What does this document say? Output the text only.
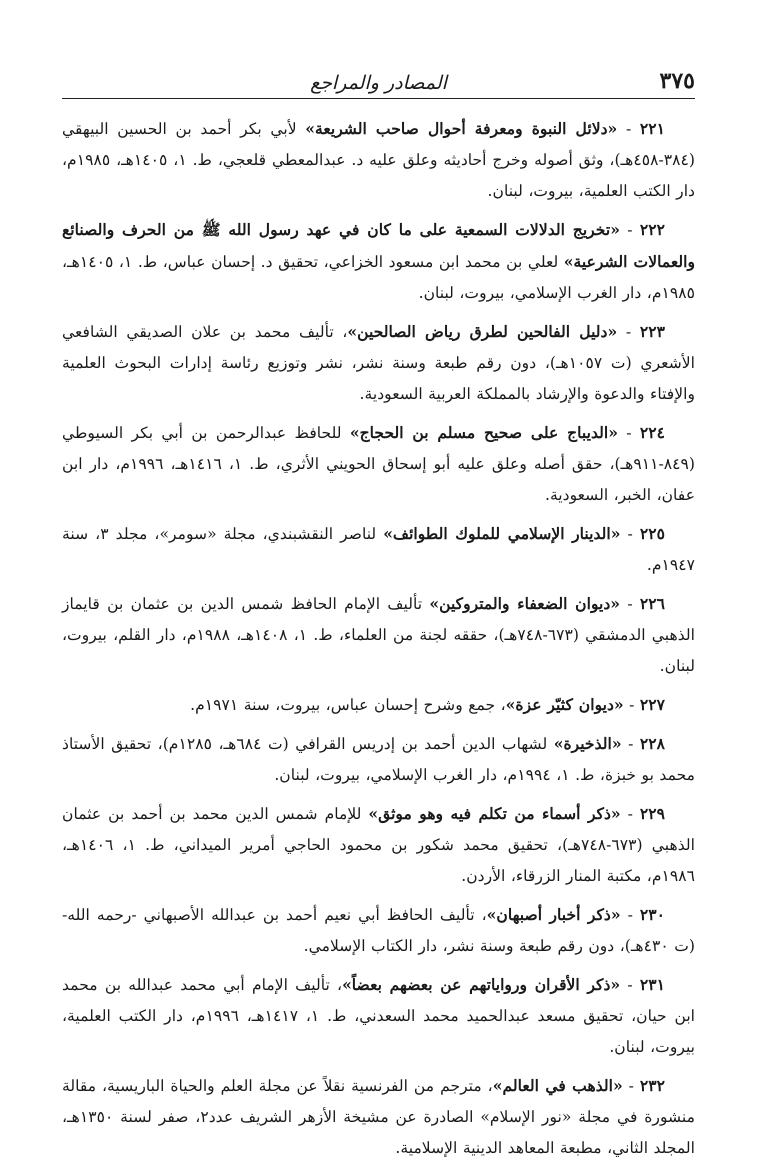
٣٧٥
المصادر والمراجع

٢٢١ - «دلائل النبوة ومعرفة أحوال صاحب الشريعة» لأبي بكر أحمد بن الحسين البيهقي (٣٨٤-٤٥٨هـ)، وثق أصوله وخرج أحاديثه وعلق عليه د. عبدالمعطي قلعجي، ط. ١، ١٤٠٥هـ، ١٩٨٥م، دار الكتب العلمية، بيروت، لبنان.

٢٢٢ - «تخريج الدلالات السمعية على ما كان في عهد رسول الله ﷺ من الحرف والصنائع والعمالات الشرعية» لعلي بن محمد ابن مسعود الخزاعي، تحقيق د. إحسان عباس، ط. ١، ١٤٠٥هـ، ١٩٨٥م، دار الغرب الإسلامي، بيروت، لبنان.

٢٢٣ - «دليل الفالحين لطرق رياض الصالحين»، تأليف محمد بن علان الصديقي الشافعي الأشعري (ت ١٠٥٧هـ)، دون رقم طبعة وسنة نشر، نشر وتوزيع رئاسة إدارات البحوث العلمية والإفتاء والدعوة والإرشاد بالمملكة العربية السعودية.

٢٢٤ - «الديباج على صحيح مسلم بن الحجاج» للحافظ عبدالرحمن بن أبي بكر السيوطي (٨٤٩-٩١١هـ)، حقق أصله وعلق عليه أبو إسحاق الحويني الأثري، ط. ١، ١٤١٦هـ، ١٩٩٦م، دار ابن عفان، الخبر، السعودية.

٢٢٥ - «الدينار الإسلامي للملوك الطوائف» لناصر النقشبندي، مجلة «سومر»، مجلد ٣، سنة ١٩٤٧م.

٢٢٦ - «ديوان الضعفاء والمتروكين» تأليف الإمام الحافظ شمس الدين بن عثمان بن قايماز الذهبي الدمشقي (٦٧٣-٧٤٨هـ)، حققه لجنة من العلماء، ط. ١، ١٤٠٨هـ، ١٩٨٨م، دار القلم، بيروت، لبنان.

٢٢٧ - «ديوان كثيّر عزة»، جمع وشرح إحسان عباس، بيروت، سنة ١٩٧١م.

٢٢٨ - «الذخيرة» لشهاب الدين أحمد بن إدريس القرافي (ت ٦٨٤هـ، ١٢٨٥م)، تحقيق الأستاذ محمد بو خبزة، ط. ١، ١٩٩٤م، دار الغرب الإسلامي، بيروت، لبنان.

٢٢٩ - «ذكر أسماء من تكلم فيه وهو موثق» للإمام شمس الدين محمد بن أحمد بن عثمان الذهبي (٦٧٣-٧٤٨هـ)، تحقيق محمد شكور بن محمود الحاجي أمرير الميداني، ط. ١، ١٤٠٦هـ، ١٩٨٦م، مكتبة المنار الزرقاء، الأردن.

٢٣٠ - «ذكر أخبار أصبهان»، تأليف الحافظ أبي نعيم أحمد بن عبدالله الأصبهاني -رحمه الله- (ت ٤٣٠هـ)، دون رقم طبعة وسنة نشر، دار الكتاب الإسلامي.

٢٣١ - «ذكر الأقران ورواياتهم عن بعضهم بعضاً»، تأليف الإمام أبي محمد عبدالله بن محمد ابن حيان، تحقيق مسعد عبدالحميد محمد السعدني، ط. ١، ١٤١٧هـ، ١٩٩٦م، دار الكتب العلمية، بيروت، لبنان.

٢٣٢ - «الذهب في العالم»، مترجم من الفرنسية نقلاً عن مجلة العلم والحياة الباريسية، مقالة منشورة في مجلة «نور الإسلام» الصادرة عن مشيخة الأزهر الشريف عدد٢، صفر لسنة ١٣٥٠هـ، المجلد الثاني، مطبعة المعاهد الدينية الإسلامية.
